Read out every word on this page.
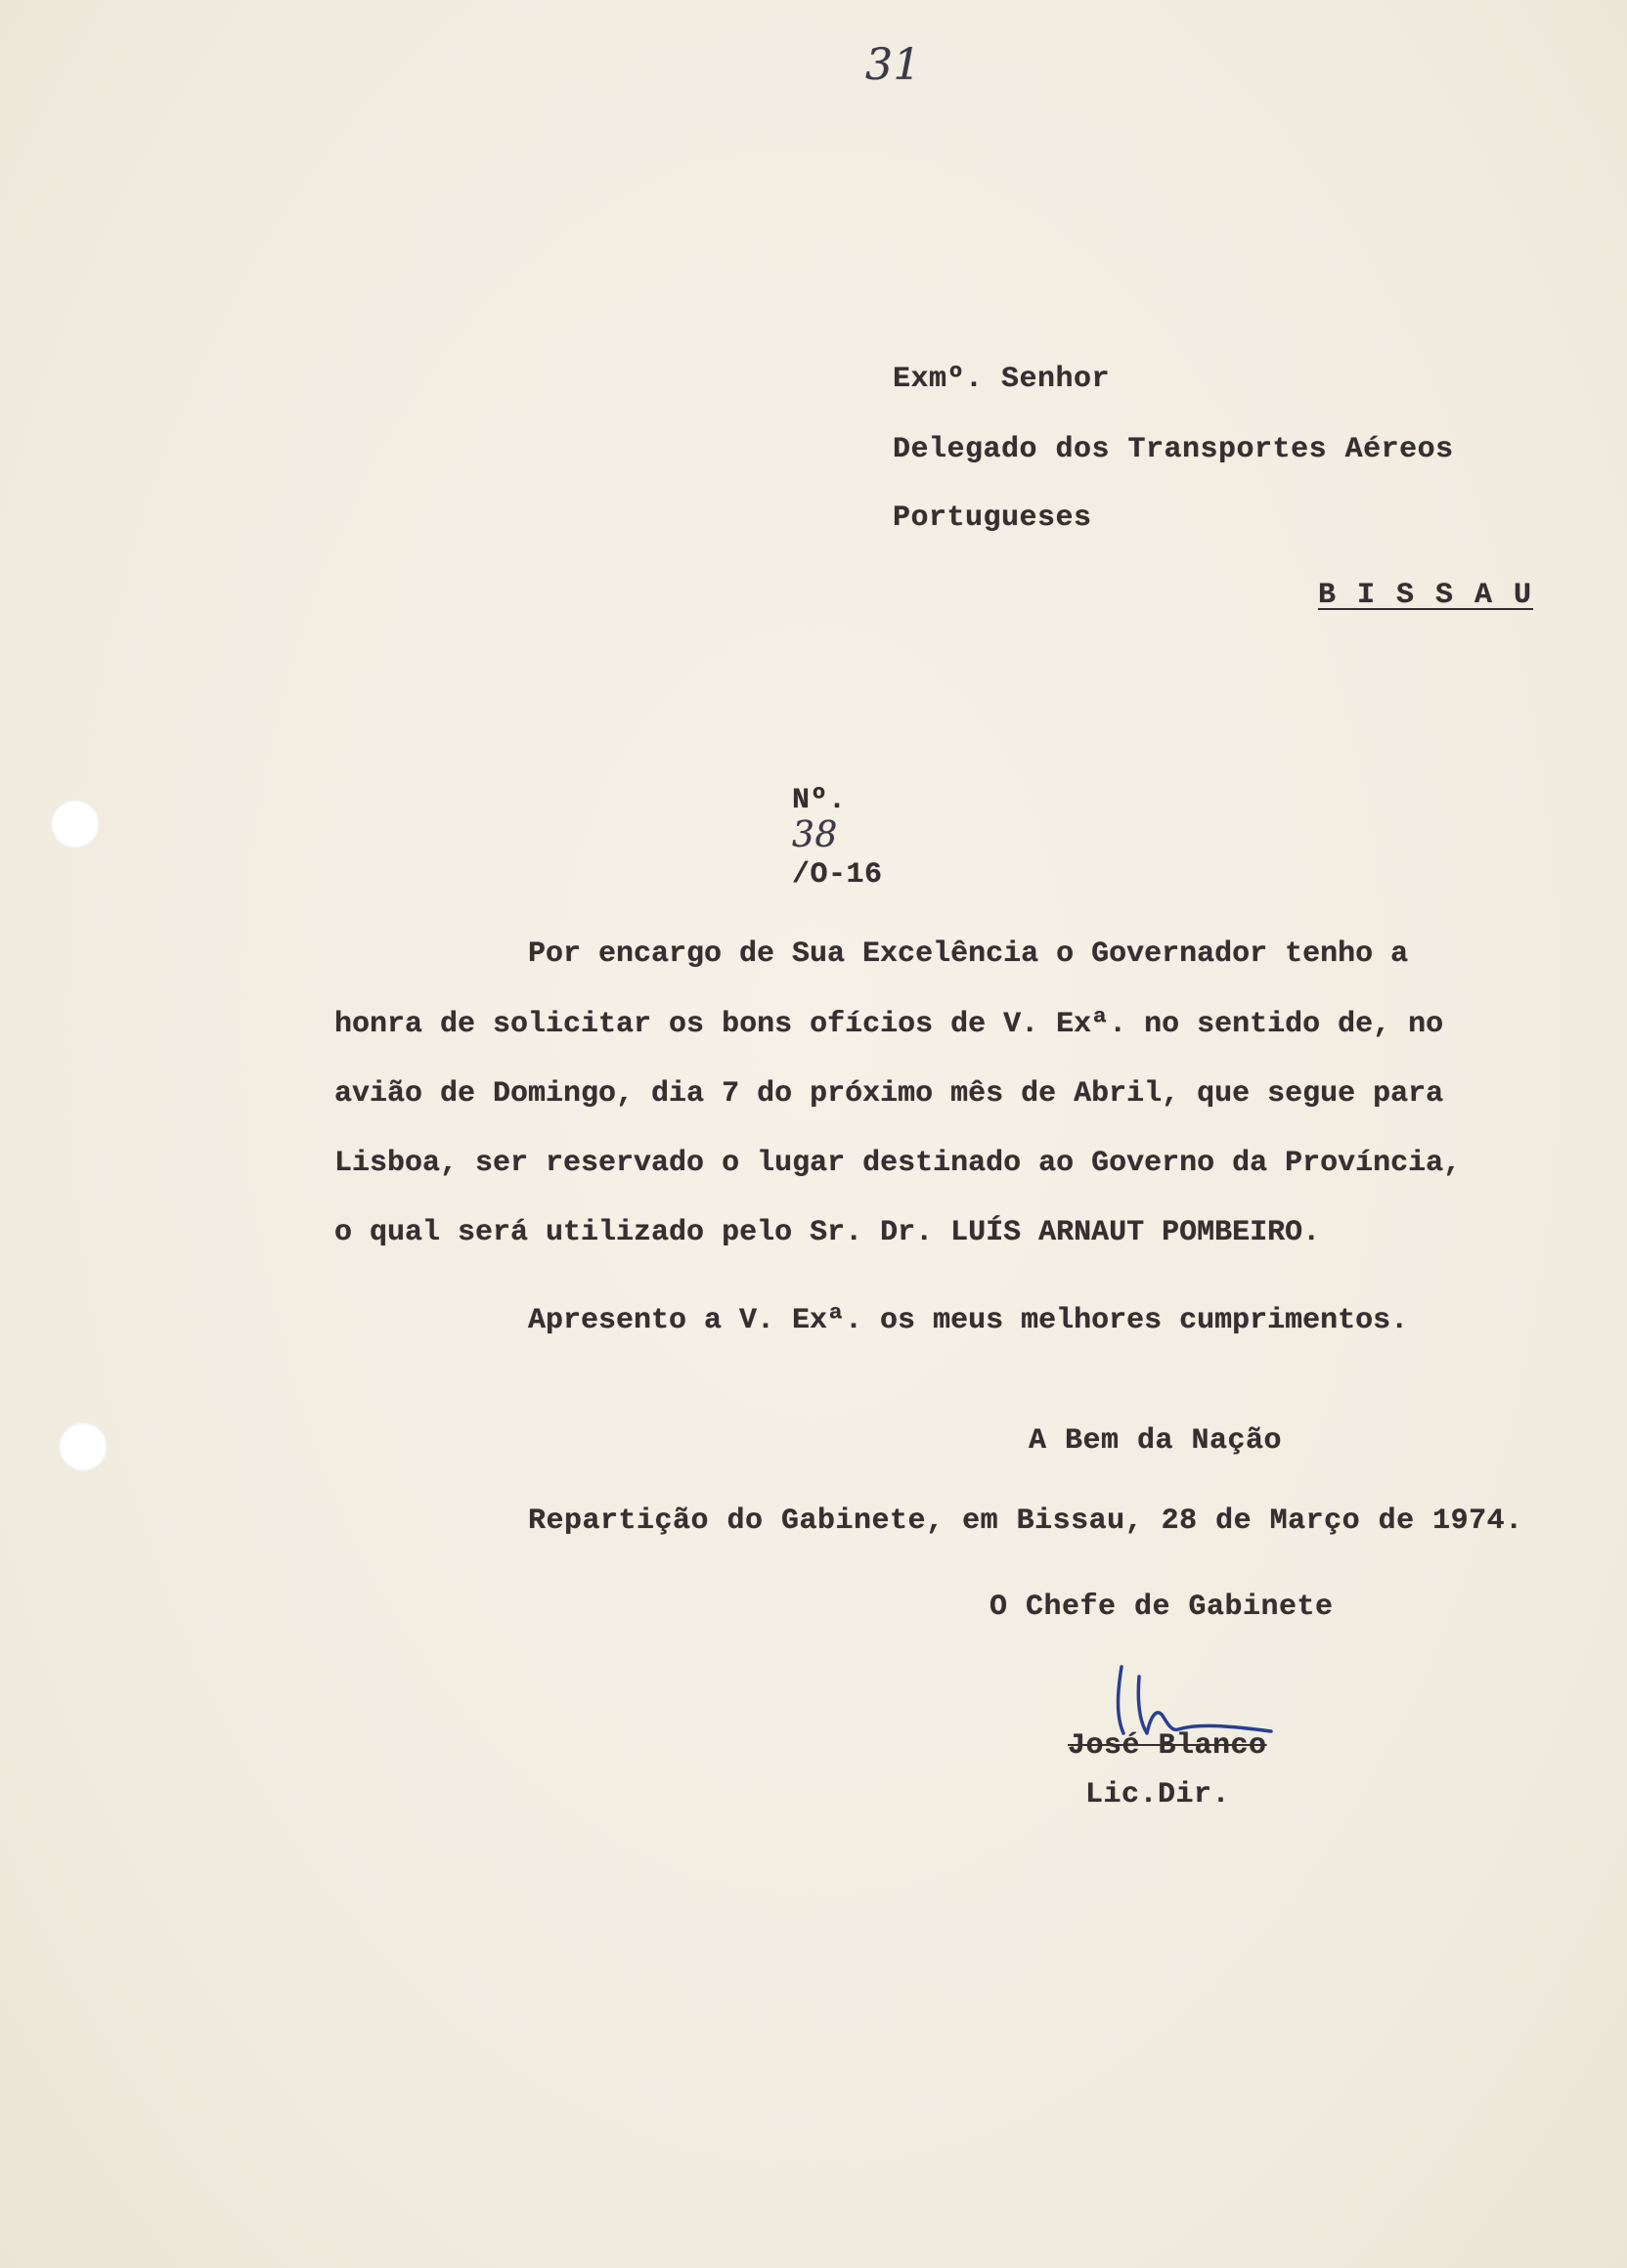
31
Exmº. Senhor
Delegado dos Transportes Aéreos
Portugueses
B I S S A U

Nº.
38
/O-16

Por encargo de Sua Excelência o Governador tenho a
honra de solicitar os bons ofícios de V. Exª. no sentido de, no
avião de Domingo, dia 7 do próximo mês de Abril, que segue para
Lisboa, ser reservado o lugar destinado ao Governo da Província,
o qual será utilizado pelo Sr. Dr. LUÍS ARNAUT POMBEIRO.
Apresento a V. Exª. os meus melhores cumprimentos.
A Bem da Nação
Repartição do Gabinete, em Bissau, 28 de Março de 1974.
O Chefe de Gabinete
José Blanco
Lic.Dir.
